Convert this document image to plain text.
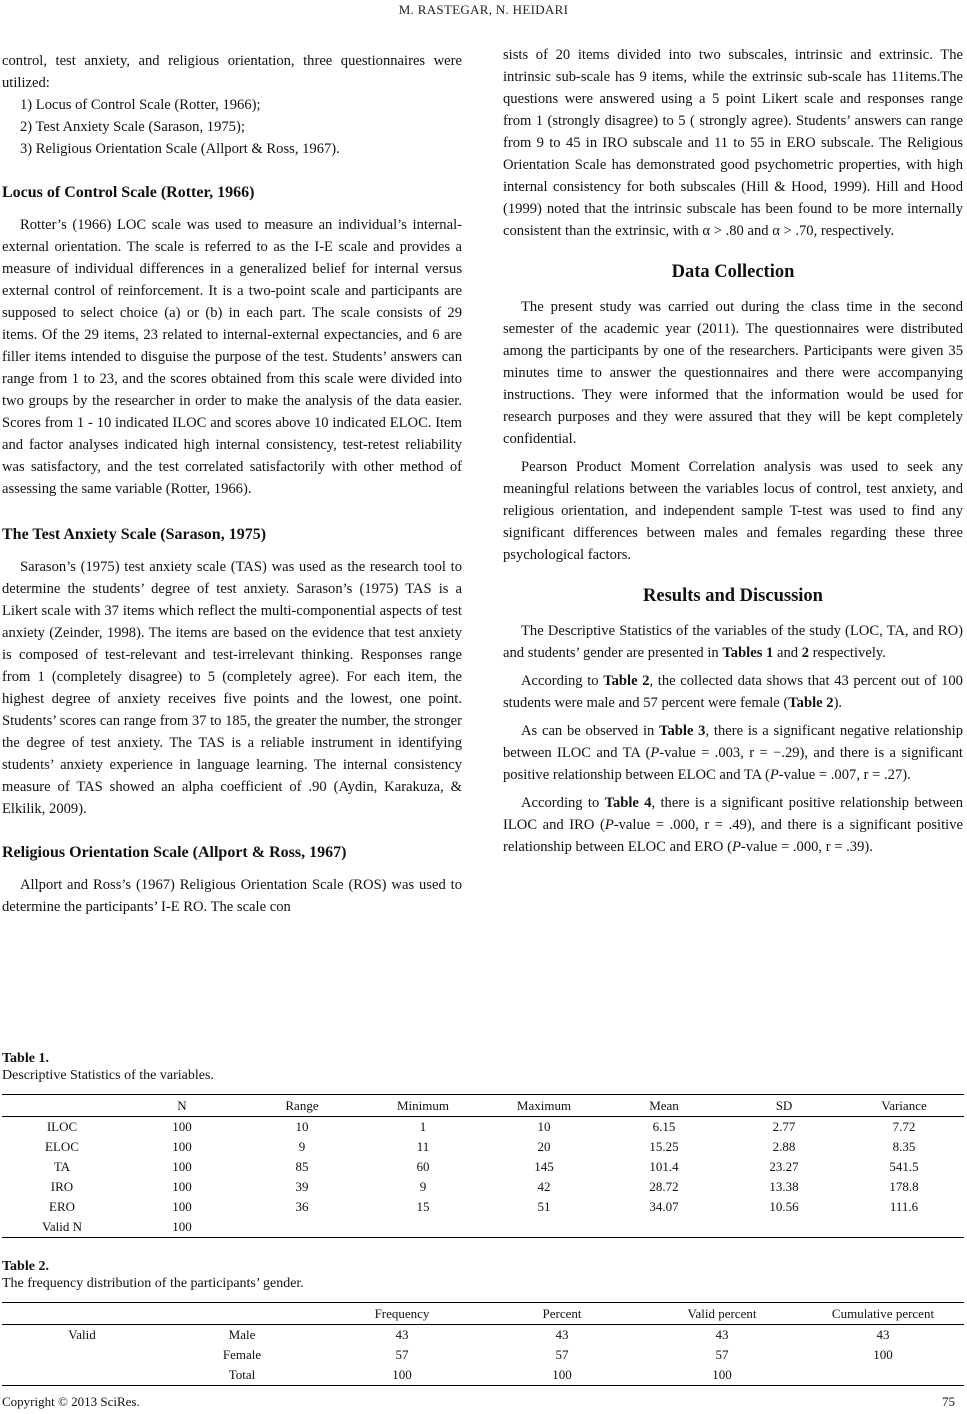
M. RASTEGAR, N. HEIDARI

control, test anxiety, and religious orientation, three questionnaires were utilized:

1) Locus of Control Scale (Rotter, 1966);

2) Test Anxiety Scale (Sarason, 1975);

3) Religious Orientation Scale (Allport & Ross, 1967).

Locus of Control Scale (Rotter, 1966)

Rotter’s (1966) LOC scale was used to measure an individual’s internal-external orientation. The scale is referred to as the I-E scale and provides a measure of individual differences in a generalized belief for internal versus external control of reinforcement. It is a two-point scale and participants are supposed to select choice (a) or (b) in each part. The scale consists of 29 items. Of the 29 items, 23 related to internal-external expectancies, and 6 are filler items intended to disguise the purpose of the test. Students’ answers can range from 1 to 23, and the scores obtained from this scale were divided into two groups by the researcher in order to make the analysis of the data easier. Scores from 1 - 10 indicated ILOC and scores above 10 indicated ELOC. Item and factor analyses indicated high internal consistency, test-retest reliability was satisfactory, and the test correlated satisfactorily with other method of assessing the same variable (Rotter, 1966).

The Test Anxiety Scale (Sarason, 1975)

Sarason’s (1975) test anxiety scale (TAS) was used as the research tool to determine the students’ degree of test anxiety. Sarason’s (1975) TAS is a Likert scale with 37 items which reflect the multi-componential aspects of test anxiety (Zeinder, 1998). The items are based on the evidence that test anxiety is composed of test-relevant and test-irrelevant thinking. Responses range from 1 (completely disagree) to 5 (completely agree). For each item, the highest degree of anxiety receives five points and the lowest, one point. Students’ scores can range from 37 to 185, the greater the number, the stronger the degree of test anxiety. The TAS is a reliable instrument in identifying students’ anxiety experience in language learning. The internal consistency measure of TAS showed an alpha coefficient of .90 (Aydin, Karakuza, & Elkilik, 2009).

Religious Orientation Scale (Allport & Ross, 1967)

Allport and Ross’s (1967) Religious Orientation Scale (ROS) was used to determine the participants’ I-E RO. The scale con

sists of 20 items divided into two subscales, intrinsic and extrinsic. The intrinsic sub-scale has 9 items, while the extrinsic sub-scale has 11items.The questions were answered using a 5 point Likert scale and responses range from 1 (strongly disagree) to 5 ( strongly agree). Students’ answers can range from 9 to 45 in IRO subscale and 11 to 55 in ERO subscale. The Religious Orientation Scale has demonstrated good psychometric properties, with high internal consistency for both subscales (Hill & Hood, 1999). Hill and Hood (1999) noted that the intrinsic subscale has been found to be more internally consistent than the extrinsic, with α > .80 and α > .70, respectively.

Data Collection

The present study was carried out during the class time in the second semester of the academic year (2011). The questionnaires were distributed among the participants by one of the researchers. Participants were given 35 minutes time to answer the questionnaires and there were accompanying instructions. They were informed that the information would be used for research purposes and they were assured that they will be kept completely confidential.

Pearson Product Moment Correlation analysis was used to seek any meaningful relations between the variables locus of control, test anxiety, and religious orientation, and independent sample T-test was used to find any significant differences between males and females regarding these three psychological factors.

Results and Discussion

The Descriptive Statistics of the variables of the study (LOC, TA, and RO) and students’ gender are presented in Tables 1 and 2 respectively.

According to Table 2, the collected data shows that 43 percent out of 100 students were male and 57 percent were female (Table 2).

As can be observed in Table 3, there is a significant negative relationship between ILOC and TA (P-value = .003, r = −.29), and there is a significant positive relationship between ELOC and TA (P-value = .007, r = .27).

According to Table 4, there is a significant positive relationship between ILOC and IRO (P-value = .000, r = .49), and there is a significant positive relationship between ELOC and ERO (P-value = .000, r = .39).

Table 1.
Descriptive Statistics of the variables.
	N	Range	Minimum	Maximum	Mean	SD	Variance
ILOC	100	10	1	10	6.15	2.77	7.72
ELOC	100	9	11	20	15.25	2.88	8.35
TA	100	85	60	145	101.4	23.27	541.5
IRO	100	39	9	42	28.72	13.38	178.8
ERO	100	36	15	51	34.07	10.56	111.6
Valid N	100						
Table 2.
The frequency distribution of the participants’ gender.
		Frequency	Percent	Valid percent	Cumulative percent
Valid	Male	43	43	43	43
	Female	57	57	57	100
	Total	100	100	100	
Copyright © 2013 SciRes.	75
